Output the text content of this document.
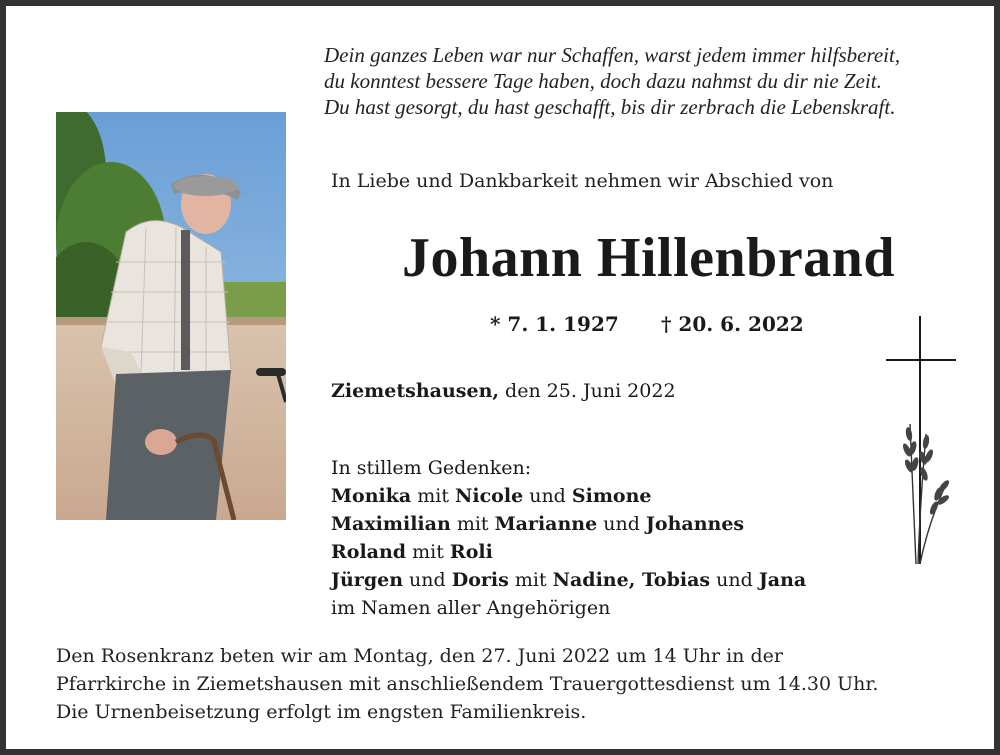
Dein ganzes Leben war nur Schaffen, warst jedem immer hilfsbereit,
du konntest bessere Tage haben, doch dazu nahmst du dir nie Zeit.
Du hast gesorgt, du hast geschafft, bis dir zerbrach die Lebenskraft.
In Liebe und Dankbarkeit nehmen wir Abschied von
Johann Hillenbrand
* 7. 1. 1927 † 20. 6. 2022
Ziemetshausen, den 25. Juni 2022
In stillem Gedenken:
Monika mit Nicole und Simone
Maximilian mit Marianne und Johannes
Roland mit Roli
Jürgen und Doris mit Nadine, Tobias und Jana
im Namen aller Angehörigen
Den Rosenkranz beten wir am Montag, den 27. Juni 2022 um 14 Uhr in der
Pfarrkirche in Ziemetshausen mit anschließendem Trauergottesdienst um 14.30 Uhr.
Die Urnenbeisetzung erfolgt im engsten Familienkreis.
